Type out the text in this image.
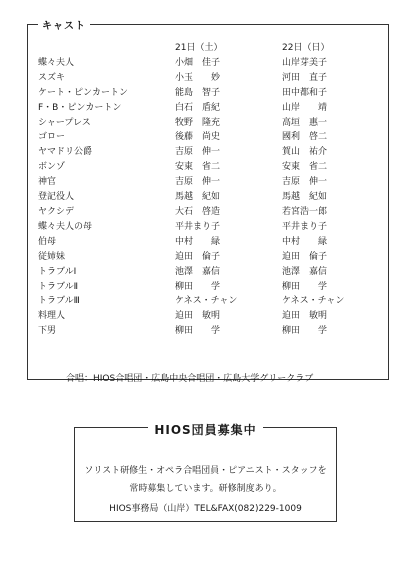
キャスト
	21日（土）	22日（日）
蝶々夫人	小畑　佳子	山岸芽美子
スズキ	小玉　　妙	河田　直子
ケート・ピンカートン	能島　智子	田中都和子
F・B・ピンカートン	白石　盾紀	山岸　　靖
シャープレス	牧野　隆充	高垣　惠一
ゴロー	後藤　尚史	國利　啓二
ヤマドリ公爵	吉原　伸一	賀山　祐介
ボンゾ	安東　省二	安東　省二
神官	吉原　伸一	吉原　伸一
登記役人	馬越　紀如	馬越　紀如
ヤクシデ	大石　啓造	若宮浩一郎
蝶々夫人の母	平井まり子	平井まり子
伯母	中村　　緑	中村　　緑
従姉妹	迫田　倫子	迫田　倫子
トラブルⅠ	池澤　嘉信	池澤　嘉信
トラブルⅡ	柳田　　学	柳田　　学
トラブルⅢ	ケネス・チャン	ケネス・チャン
料理人	迫田　敏明	迫田　敏明
下男	柳田　　学	柳田　　学
合唱：HIOS合唱団・広島中央合唱団・広島大学グリークラブ
HIOS団員募集中
ソリスト研修生・オペラ合唱団員・ピアニスト・スタッフを
常時募集しています。研修制度あり。
HIOS事務局（山岸）TEL&FAX(082)229-1009
